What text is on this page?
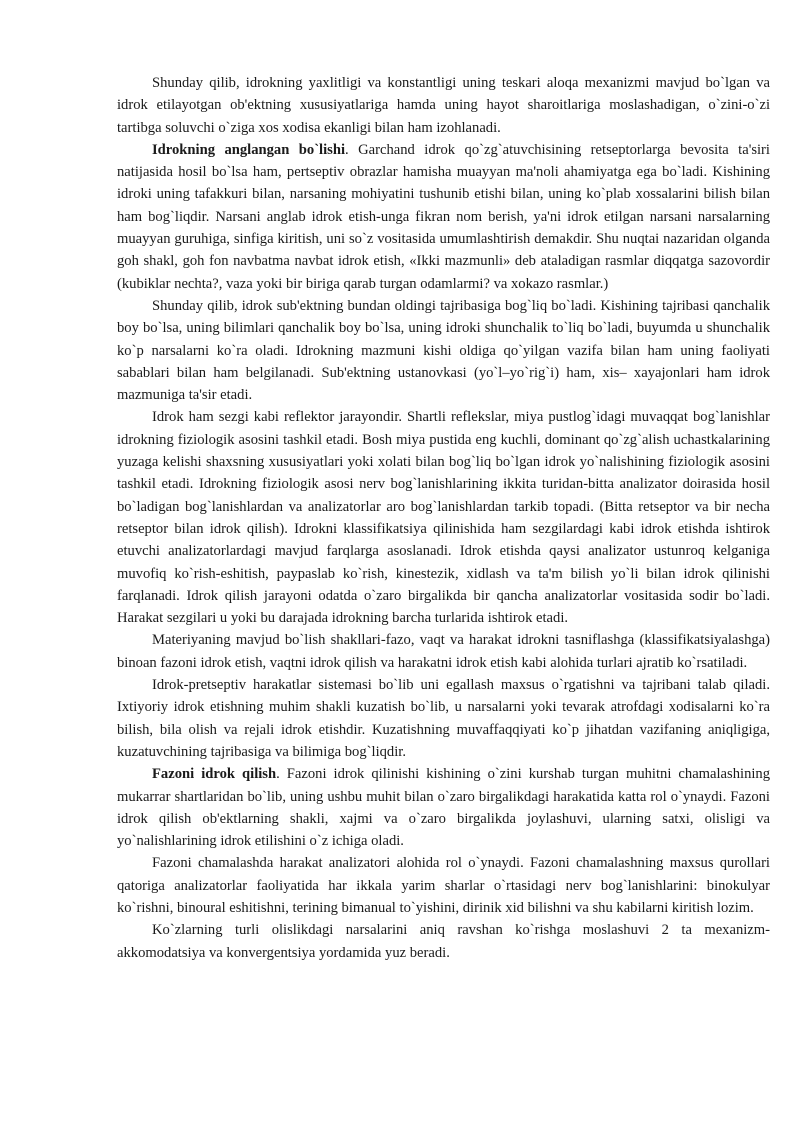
Shunday qilib, idrokning yaxlitligi va konstantligi uning teskari aloqa mexanizmi mavjud bo`lgan va idrok etilayotgan ob'ektning xususiyatlariga hamda uning hayot sharoitlariga moslashadigan, o`zini-o`zi tartibga soluvchi o`ziga xos xodisa ekanligi bilan ham izohlanadi.

Idrokning anglangan bo`lishi. Garchand idrok qo`zg`atuvchisining retseptorlarga bevosita ta'siri natijasida hosil bo`lsa ham, pertseptiv obrazlar hamisha muayyan ma'noli ahamiyatga ega bo`ladi. Kishining idroki uning tafakkuri bilan, narsaning mohiyatini tushunib etishi bilan, uning ko`plab xossalarini bilish bilan ham bog`liqdir. Narsani anglab idrok etish-unga fikran nom berish, ya'ni idrok etilgan narsani narsalarning muayyan guruhiga, sinfiga kiritish, uni so`z vositasida umumlashtirish demakdir. Shu nuqtai nazaridan olganda goh shakl, goh fon navbatma navbat idrok etish, «Ikki mazmunli» deb ataladigan rasmlar diqqatga sazovordir (kubiklar nechta?, vaza yoki bir biriga qarab turgan odamlarmi? va xokazo rasmlar.)

Shunday qilib, idrok sub'ektning bundan oldingi tajribasiga bog`liq bo`ladi. Kishining tajribasi qanchalik boy bo`lsa, uning bilimlari qanchalik boy bo`lsa, uning idroki shunchalik to`liq bo`ladi, buyumda u shunchalik ko`p narsalarni ko`ra oladi. Idrokning mazmuni kishi oldiga qo`yilgan vazifa bilan ham uning faoliyati sabablari bilan ham belgilanadi. Sub'ektning ustanovkasi (yo`l–yo`rig`i) ham, xis– xayajonlari ham idrok mazmuniga ta'sir etadi.

Idrok ham sezgi kabi reflektor jarayondir. Shartli reflekslar, miya pustlog`idagi muvaqqat bog`lanishlar idrokning fiziologik asosini tashkil etadi. Bosh miya pustida eng kuchli, dominant qo`zg`alish uchastkalarining yuzaga kelishi shaxsning xususiyatlari yoki xolati bilan bog`liq bo`lgan idrok yo`nalishining fiziologik asosini tashkil etadi. Idrokning fiziologik asosi nerv bog`lanishlarining ikkita turidan-bitta analizator doirasida hosil bo`ladigan bog`lanishlardan va analizatorlar aro bog`lanishlardan tarkib topadi. (Bitta retseptor va bir necha retseptor bilan idrok qilish). Idrokni klassifikatsiya qilinishida ham sezgilardagi kabi idrok etishda ishtirok etuvchi analizatorlardagi mavjud farqlarga asoslanadi. Idrok etishda qaysi analizator ustunroq kelganiga muvofiq ko`rish-eshitish, paypaslab ko`rish, kinestezik, xidlash va ta'm bilish yo`li bilan idrok qilinishi farqlanadi. Idrok qilish jarayoni odatda o`zaro birgalikda bir qancha analizatorlar vositasida sodir bo`ladi. Harakat sezgilari u yoki bu darajada idrokning barcha turlarida ishtirok etadi.

Materiyaning mavjud bo`lish shakllari-fazo, vaqt va harakat idrokni tasniflashga (klassifikatsiyalashga) binoan fazoni idrok etish, vaqtni idrok qilish va harakatni idrok etish kabi alohida turlari ajratib ko`rsatiladi.

Idrok-pretseptiv harakatlar sistemasi bo`lib uni egallash maxsus o`rgatishni va tajribani talab qiladi. Ixtiyoriy idrok etishning muhim shakli kuzatish bo`lib, u narsalarni yoki tevarak atrofdagi xodisalarni ko`ra bilish, bila olish va rejali idrok etishdir. Kuzatishning muvaffaqqiyati ko`p jihatdan vazifaning aniqligiga, kuzatuvchining tajribasiga va bilimiga bog`liqdir.

Fazoni idrok qilish. Fazoni idrok qilinishi kishining o`zini kurshab turgan muhitni chamalashining mukarrar shartlaridan bo`lib, uning ushbu muhit bilan o`zaro birgalikdagi harakatida katta rol o`ynaydi. Fazoni idrok qilish ob'ektlarning shakli, xajmi va o`zaro birgalikda joylashuvi, ularning satxi, olisligi va yo`nalishlarining idrok etilishini o`z ichiga oladi.

Fazoni chamalashda harakat analizatori alohida rol o`ynaydi. Fazoni chamalashning maxsus qurollari qatoriga analizatorlar faoliyatida har ikkala yarim sharlar o`rtasidagi nerv bog`lanishlarini: binokulyar ko`rishni, binoural eshitishni, terining bimanual to`yishini, dirinik xid bilishni va shu kabilarni kiritish lozim.

Ko`zlarning turli olislikdagi narsalarini aniq ravshan ko`rishga moslashuvi 2 ta mexanizm-akkomodatsiya va konvergentsiya yordamida yuz beradi.
